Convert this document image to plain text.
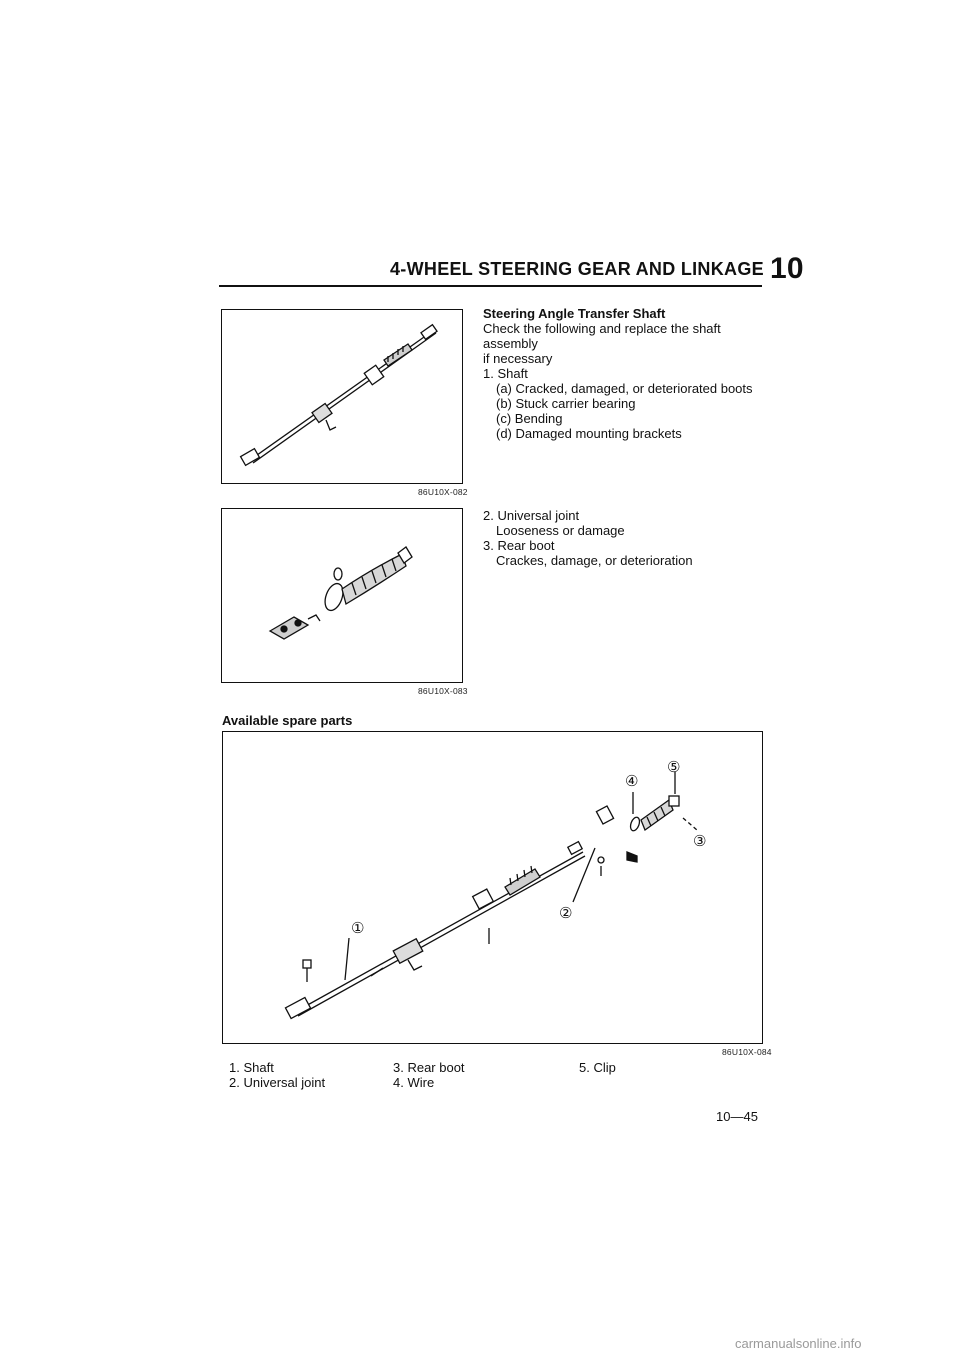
4-WHEEL STEERING GEAR AND LINKAGE 10
86U10X-082
Steering Angle Transfer Shaft
Check the following and replace the shaft assembly
if necessary
1. Shaft
(a) Cracked, damaged, or deteriorated boots
(b) Stuck carrier bearing
(c) Bending
(d) Damaged mounting brackets
86U10X-083
2. Universal joint
Looseness or damage
3. Rear boot
Crackes, damage, or deterioration
Available spare parts
①
②
③
④
⑤
86U10X-084
1. Shaft
2. Universal joint
3. Rear boot
4. Wire
5. Clip
10—45
carmanualsonline.info
